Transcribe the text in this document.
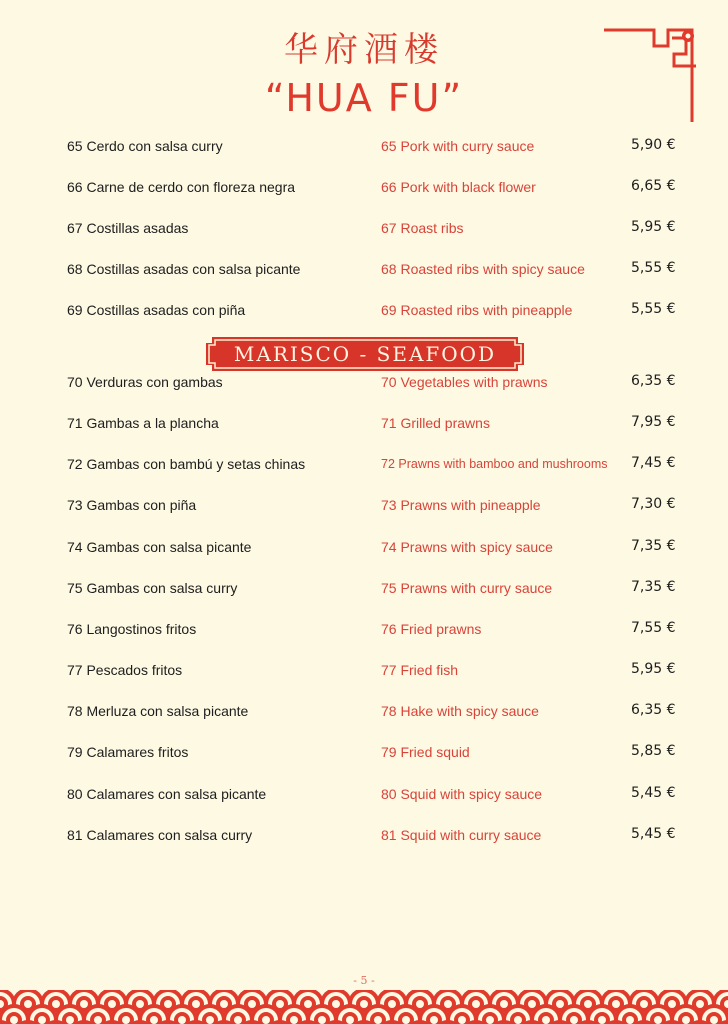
华府酒楼
“HUA FU”
65 Cerdo con salsa curry	65 Pork with curry sauce	5,90 €
66 Carne de cerdo con floreza negra	66 Pork with black flower	6,65 €
67 Costillas asadas	67 Roast ribs	5,95 €
68 Costillas asadas con salsa picante	68 Roasted ribs with spicy sauce	5,55 €
69 Costillas asadas con piña	69 Roasted ribs with pineapple	5,55 €
MARISCO - SEAFOOD
70 Verduras con gambas	70 Vegetables with prawns	6,35 €
71 Gambas a la plancha	71 Grilled prawns	7,95 €
72 Gambas con bambú y setas chinas	72 Prawns with bamboo and mushrooms 7,45 €
73 Gambas con piña	73 Prawns with pineapple	7,30 €
74 Gambas con salsa picante	74 Prawns with spicy sauce	7,35 €
75 Gambas con salsa curry	75 Prawns with curry sauce	7,35 €
76 Langostinos fritos	76 Fried prawns	7,55 €
77 Pescados fritos	77 Fried fish	5,95 €
78 Merluza con salsa picante	78 Hake with spicy sauce	6,35 €
79 Calamares fritos	79 Fried squid	5,85 €
80 Calamares con salsa picante	80 Squid with spicy sauce	5,45 €
81 Calamares con salsa curry	81 Squid with curry sauce	5,45 €
- 5 -
